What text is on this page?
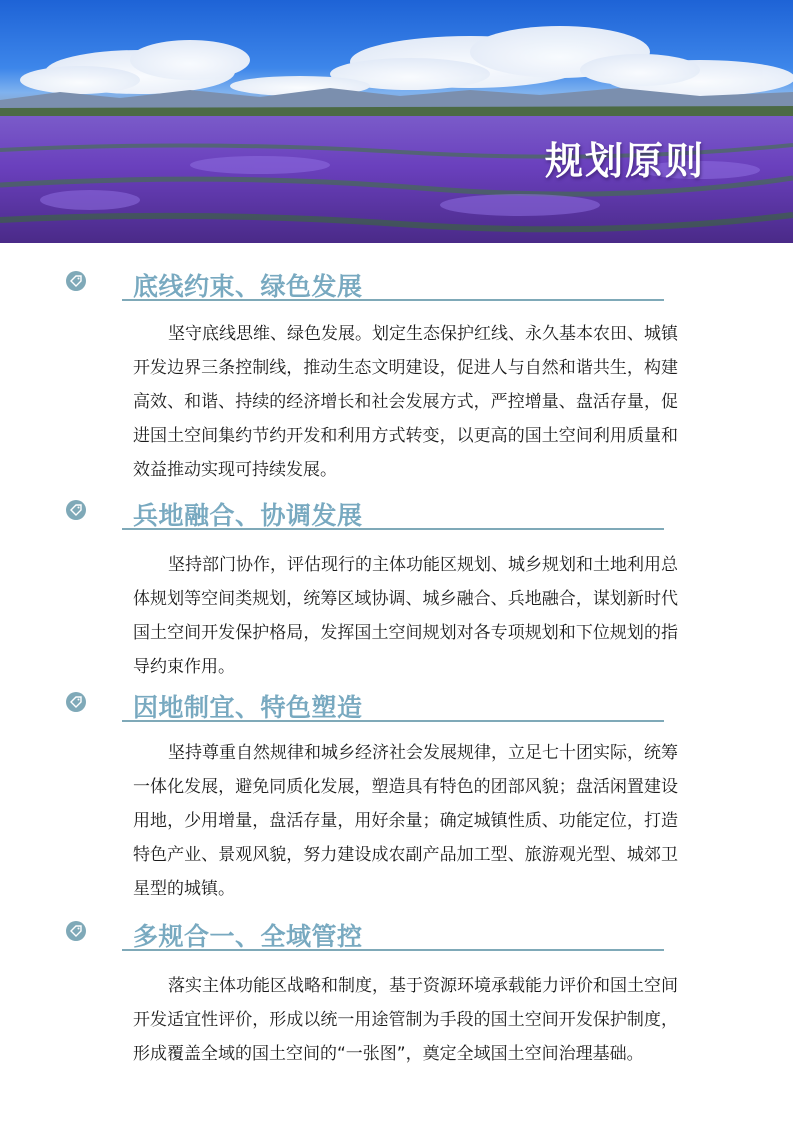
规划原则
底线约束、绿色发展

坚守底线思维、绿色发展。划定生态保护红线、永久基本农田、城镇开发边界三条控制线，推动生态文明建设，促进人与自然和谐共生，构建高效、和谐、持续的经济增长和社会发展方式，严控增量、盘活存量，促进国土空间集约节约开发和利用方式转变，以更高的国土空间利用质量和效益推动实现可持续发展。

兵地融合、协调发展

坚持部门协作，评估现行的主体功能区规划、城乡规划和土地利用总体规划等空间类规划，统筹区域协调、城乡融合、兵地融合，谋划新时代国土空间开发保护格局，发挥国土空间规划对各专项规划和下位规划的指导约束作用。

因地制宜、特色塑造

坚持尊重自然规律和城乡经济社会发展规律，立足七十团实际，统筹一体化发展，避免同质化发展，塑造具有特色的团部风貌；盘活闲置建设用地，少用增量，盘活存量，用好余量；确定城镇性质、功能定位，打造特色产业、景观风貌，努力建设成农副产品加工型、旅游观光型、城郊卫星型的城镇。

多规合一、全域管控

落实主体功能区战略和制度，基于资源环境承载能力评价和国土空间开发适宜性评价，形成以统一用途管制为手段的国土空间开发保护制度，形成覆盖全域的国土空间的“一张图”，奠定全域国土空间治理基础。
